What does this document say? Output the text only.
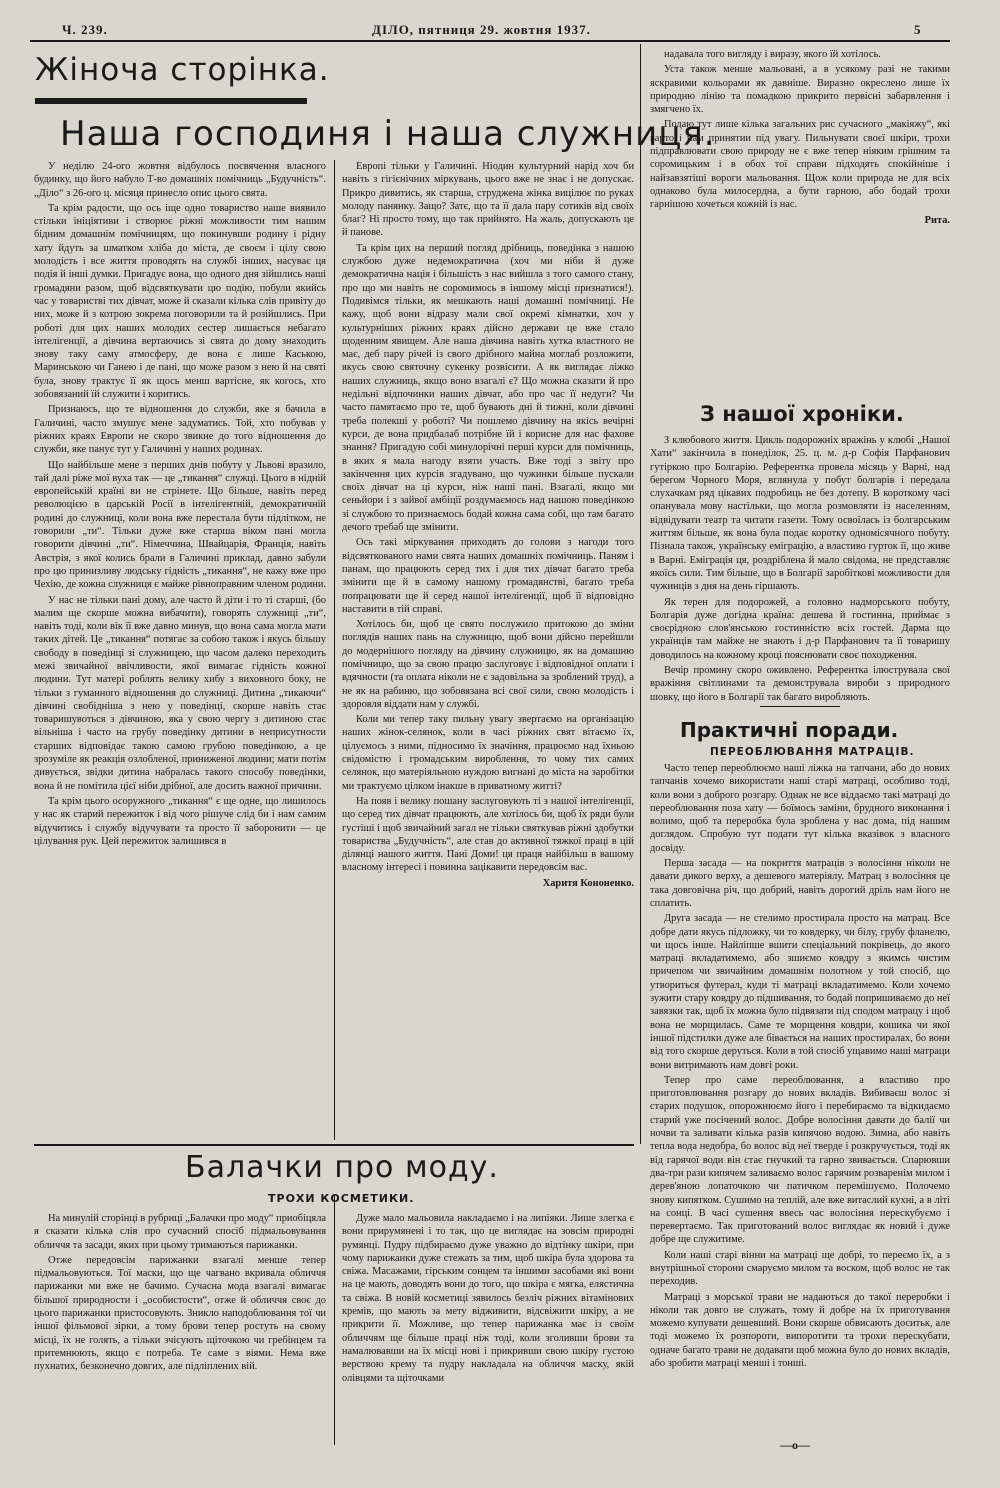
Ч. 239.	ДІЛО, пятниця 29. жовтня 1937.	5
Жіноча сторінка.
Наша господиня і наша служниця.

У неділю 24-ого жовтня відбулось посвячення власного будинку, що його набуло Т-во домашніх помічниць „Будучність“. „Діло“ з 26-ого ц. місяця принесло опис цього свята.

Та крім радости, що ось іще одно товариство наше виявило стільки ініціятиви і створює ріжні можливости тим нашим бідним домашнім помічницям, що покинувши родину і рідну хату йдуть за шматком хліба до міста, де своєм і цілу свою молодість і все життя проводять на службі інших, насуває ця подія й інші думки. Пригадує вона, що одного дня зійшлись наші громадяни разом, щоб відсвяткувати цю подію, побули якийсь час у товаристві тих дівчат, може й сказали кілька слів привіту до них, може й з котрою зокрема поговорили та й розійшлись. При роботі для цих наших молодих сестер лишається небагато інтелігенції, а дівчина вертаючись зі свята до дому знаходить знову таку саму атмосферу, де вона є лише Каською, Маринською чи Ганею і де пані, що може разом з нею й на святі була, знову трактує її як щось менш вартісне, як когось, хто зобовязаний їй служити і коритись.

Признаюсь, що те відношення до служби, яке я бачила в Галичині, часто змушує мене задуматись. Той, хто побував у ріжних краях Европи не скоро звикне до того відношення до служби, яке панує тут у Галичині у наших родинах.

Що найбільше мене з перших днів побуту у Львові вразило, тай далі ріже мої вуха так — це „тикання“ служці. Цього в нідній европейській країні ви не стрінете. Що більше, навіть перед революцією в царській Росії в інтелігентній, демократичній родині до служниці, коли вона вже перестала бути підлітком, не говорили „ти“. Тільки дуже вже старша віком пані могла говорити дівчині „ти“. Німеччина, Швайцарія, Франція, навіть Австрія, з якої колись брали в Галичині приклад, давно забули про цю принизливу людську гідність „тикання“, не кажу вже про Чехію, де кожна служниця є майже рівноправним членом родини.

У нас не тільки пані дому, але часто й діти і то ті старші, (бо малим ще скорше можна вибачити), говорять служниці „ти“, навіть тоді, коли вік її вже давно минув, що вона сама могла мати таких дітей. Це „тикання“ потягає за собою також і якусь більшу свободу в поведінці зі служницею, що часом далеко переходить межі звичайної ввічливости, якої вимагає гідність кожної людини. Тут матері роблять велику хибу з виховного боку, не тільки з гуманного відношення до служниці. Дитина „тикаючи“ дівчині свобідніша з нею у поведінці, скорше навіть стає товаришувоться з дівчиною, яка у свою чергу з дитиною стає вільніша і часто на грубу поведінку дитини в неприсутности старших відповідає такою самою грубою поведінкою, а це зрозуміле як реакція озлобленої, приниженої людини; мати потім дивується, звідки дитина набралась такого способу поведінки, вона й не помітила цієї ніби дрібної, але досить важної причини.

Та крім цього осоружного „тикання“ є ще одне, що лишилось у нас як старий пережиток і від чого рішуче слід би і нам самим відучитись і службу відучувати та просто її заборонити — це цілування рук. Цей пережиток залишився в

Европі тільки у Галичині. Ніодин культурний нарід хоч би навіть з гігієнічних міркувань, цього вже не знає і не допускає. Прикро дивитись, як старша, струджена жінка вицілює по руках молоду панянку. Защо? Затє, що та її дала пару сотиків від своїх благ? Ні просто тому, що так прийнято. На жаль, допускають це й панове.

Та крім цих на перший погляд дрібниць, поведінка з нашою службою дуже недемократична (хоч ми ніби й дуже демократична нація і більшість з нас вийшла з того самого стану, про що ми навіть не соромимось в іншому місці признатися!). Подивімся тільки, як мешкають наші домашні помічниці. Не кажу, щоб вони відразу мали свої окремі кімнатки, хоч у культурніших ріжних краях дійсно держави це вже стало щоденним явищем. Але наша дівчина навіть хутка властного не має, деб пару річей із свого дрібного майна моглаб розложити, якусь свою святочну сукенку розвісити. А як виглядає ліжко наших служниць, якщо воно взагалі є? Що можна сказати й про недільні відпочинки наших дівчат, або про час її недуги? Чи часто памятаємо про те, щоб бувають дні й тижні, коли дівчині треба полекші у роботі? Чи пошлемо дівчину на якісь вечірні курси, де вона придбалаб потрібне їй і корисне для нас фахове знання? Пригадую собі минулорічні перші курси для помічниць, в яких я мала нагоду взяти участь. Вже тоді з звіту про закінчення цих курсів згадувано, що чужинки більше пускали своїх дівчат на ці курси, ніж наші пані. Взагалі, якщо ми сеньйори і з зайвої амбіції роздумаємось над нашою поведінкою зі службою то признаємось бодай кожна сама собі, що там багато дечого требаб ще змінити.

Ось такі міркування приходять до голови з нагоди того відсвяткованого нами свята наших домашніх помічниць. Паням і панам, що працюють серед тих і для тих дівчат багато треба змінити ще й в самому нашому громадянстві, багато треба попрацювати ще й серед нашої інтелігенції, щоб її відповідно наставити в тій справі.

Хотілось би, щоб це свято послужило притокою до зміни поглядів наших пань на служницю, щоб вони дійсно перейшли до модернішого погляду на дівчину служницю, як на домашню помічницю, що за свою працю заслуговує і відповідної оплати і вдячности (та оплата ніколи не є задовільна за зроблений труд), а не як на рабиню, що зобовязана всі свої сили, свою молодість і здоровля віддати нам у службі.

Коли ми тепер таку пильну увагу звертаємо на організацію наших жінок-селянок, коли в часі ріжних свят вітаємо їх, цілуємось з ними, підносимо їх значіння, працюємо над їхньою свідомістю і громадським вироблення, то чому тих самих селянок, що матеріяльною нуждою вигнані до міста на заробітки ми трактуємо цілком інакше в приватному житті?

На появ і велику пошану заслуговують ті з нашої інтелігенції, що серед тих дівчат працюють, але хотілось би, щоб їх ряди були густіші і щоб звичайний загал не тільки святкував ріжні здобутки товариства „Будучність“, але став до активної тяжкої праці в цій ділянці нашого життя. Пані Доми! ця праця найбільш в вашому власному інтересі і повинна зацікавити передовсім вас.

Харитя Кононенко.

надавала того вигляду і виразу, якого їй хотілось.

Уста також менше мальовані, а в усякому разі не такими яскравими кольорами як давніше. Виразно окреслено лише їх природню лінію та помадкою прикрито первісні забарвлення і змягчено їх.

Подаю тут лише кілька загальних рис сучасного „макіяжу“, які варто і нам принятии під увагу. Пильнувати своєї шкіри, трохи підправлювати свою природу не є вже тепер ніяким грішним та соромицьким і в обох тої справи підходять спокійніше і найзавзятіші вороги мальовання. Щож коли природа не для всіх однаково була милосердна, а бути гарною, або бодай трохи гарнішою хочеться кожній із нас.

Рита.

З нашої хроніки.

З клюбового життя. Цикль подорожніх вражінь у клюбі „Нашої Хати“ закінчила в понеділок, 25. ц. м. д-р Софія Парфанович гутіркою про Болгарію. Референтка провела місяць у Варні, над берегом Чорного Моря, вглянула у побут болгарів і передала слухачкам ряд цікавих подробиць не без дотепу. В короткому часі опанувала мову настільки, що могла розмовляти із населенням, відвідувати театр та читати газети. Тому освоїлась із болгарським життям більше, як вона була подає коротку одномісячного побуту. Пізнала також, українську еміграцію, а властиво гурток її, що живе в Варні. Еміграція ця, роздріблена й мало свідома, не представляє якоїсь сили. Тим більше, що в Болгарії заробіткові можливости для чужинців з дня на день гіршають.

Як терен для подорожей, а головно надморського побуту, Болгарія дуже догідна країна: дешева й гостинна, приймає з своєрідною слов'янською гостинністю всіх гостей. Дарма що українців там майже не знають і д-р Парфанович та її товаришу доводилось на кожному кроці пояснювати своє походження.

Вечір промину скоро оживлено. Референтка ілюструвала свої вражіння світлинами та демонструвала вироби з природного шовку, що його в Болгарії так багато виробляють.

Практичні поради.
ПЕРЕОБЛЮВАННЯ МАТРАЦІВ.

Часто тепер переоблюємо наші ліжка на тапчани, або до нових тапчанів хочемо використати наші старі матраці, особливо тоді, коли вони з доброго розгару. Однак не все віддаємо такі матраці до переоблювання поза хату — боїмось заміни, брудного виконання і волимо, щоб та переробка була зроблена у нас дома, під нашим доглядом. Спробую тут подати тут кілька вказівок з власного досвіду.

Перша засада — на покриття матраців з волосіння ніколи не давати дикого верху, а дешевого матеріялу. Матрац з волосіння це така довговічна річ, що добрий, навіть дорогий дріль нам його не сплатить.

Друга засада — не стелимо простирала просто на матрац. Все добре дати якусь підложку, чи то ковдерку, чи білу, грубу фланелю, чи щось інше. Найліпше вшити спеціальний покрівець, до якого матраці вкладатимемо, або зшиємо ковдру з якимсь чистим причепом чи звичайним домашнім полотном у той спосіб, що утвориться футерал, куди ті матраці вкладатимемо. Коли хочемо зужити стару ковдру до підшивання, то бодай попришиваємо до неї завязки так, щоб їх можна було підвязати під сподом матрацу і щоб вона не морщилась. Саме те морщення ковдри, кошика чи якої іншої підстилки дуже але бівається на наших простиралах, бо вони від того скорше деруться. Коли в той спосіб ущавимо наші матраци вони витримають нам довгі роки.

Тепер про саме переоблювання, а властиво про приготовлювання розгару до нових вкладів. Вибиваєш волос зі старих подушок, опорожнюємо його і перебираємо та відкидаємо старий уже посічений волос. Добре волосіння давати до балії чи ночви та заливати кілька разів кипячою водою. Зимна, або навіть тепла вода недобра, бо волос від неї тверде і розкручується, тоді як від гарячої води він стає гнучкий та гарно звивається. Спарювши два-три рази кипячем заливаємо волос гарячим розваренім милом і дерев'яною лопаточкою чи патичком перемішуємо. Полочемо знову кипятком. Сушимо на теплій, але вже витаслий кухні, а в літі на сонці. В часі сушення ввесь час волосіння перескубуємо і перевертаємо. Так приготований волос виглядає як новий і дуже добре ще служитиме.

Коли наші старі вінни на матраці ще добрі, то переємо їх, а з внутрішньої сторони смаруємо милом та воском, щоб волос не так переходив.

Матраці з морської трави не надаються до такої переробки і ніколи так довго не служать, тому й добре на їх приготування можемо купувати дешевший. Вони скорше обвисають доситьк, але тоді можемо їх розпороти, випоротити та трохи перескубати, одначе багато трави не додавати щоб можна було до нових вкладів, або зробити матраці менші і тонші.

—o—
Балачки про моду.
ТРОХИ КОСМЕТИКИ.

На минулій сторінці в рубриці „Балачки про моду“ приобіцяла я сказати кілька слів про сучасний спосіб підмальовування обличчя та засади, яких при цьому тримаються парижанки.

Отже передовсім парижанки взагалі менше тепер підмальовуються. Тої маски, що ще чагвано вкривала обличчя парижанки ми вже не бачимо. Сучасна мода взагалі вимагає більшої природности і „особистости“, отже й обличчя своє до цього парижанки пристосовують. Зникло наподоблювання тої чи іншої фільмової зірки, а тому брови тепер ростуть на свому місці, їх не голять, а тільки зчісують щіточкою чи гребінцем та притемнюють, якщо є потреба. Те саме з віями. Нема вже пухнатих, безконечно довгих, але підліплених вій.

Дуже мало мальовила накладаємо і на липіяки. Лише злегка є вони прирумянені і то так, що це виглядає на зовсім природні румянці. Пудру підбираємо дуже уважно до відтінку шкіри, при чому парижанки дуже стежать за тим, щоб шкіра була здорова та свіжа. Масажами, гірським сонцем та іншими засобами які вони на це мають, доводять вони до того, що шкіра є мягка, елястична та свіжа. В новій косметиці зявилось безліч ріжних вітамінових кремів, що мають за мету відживити, відсвіжити шкіру, а не прикрити її. Можливе, що тепер парижанка має із своїм обличчям ще більше праці ніж тоді, коли зголивши брови та намалювавши на їх місці нові і прикривши свою шкіру густою верствою крему та пудру накладала на обличчя маску, якій олівцями та щіточками
